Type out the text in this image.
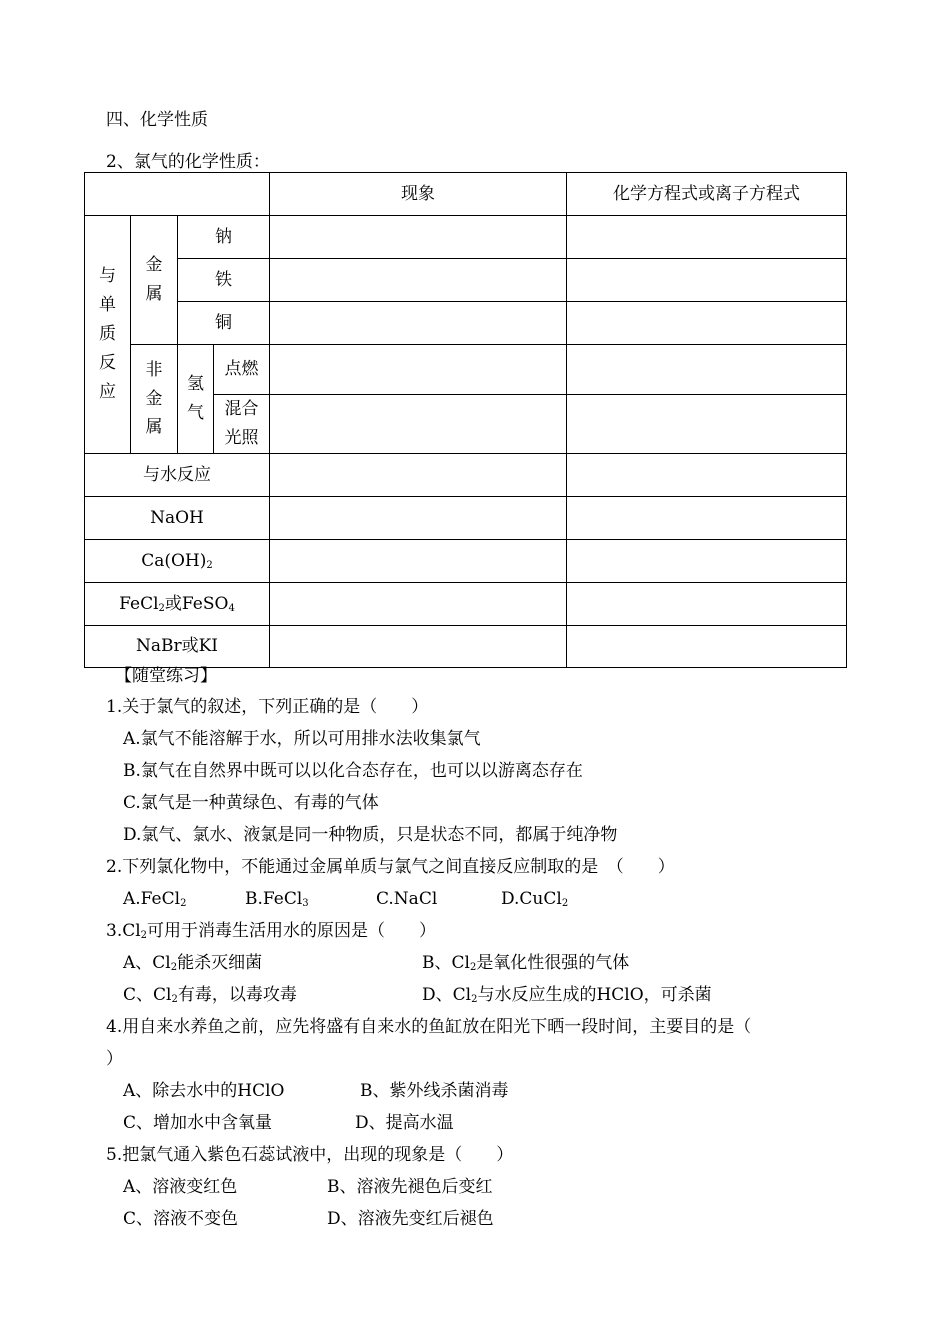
四、化学性质
2、氯气的化学性质：
				现象	化学方程式或离子方程式
与单质反应	金属	钠			
		铁			
		铜			
	非金属	氢气	点燃		
			混合光照		
与水反应					
NaOH					
$Ca(OH)_2$		
FeCl$_2$或FeSO$_4$		
NaBr或KI					
【随堂练习】
1.关于氯气的叙述，下列正确的是（　　）
A.氯气不能溶解于水，所以可用排水法收集氯气
B.氯气在自然界中既可以以化合态存在，也可以以游离态存在
C.氯气是一种黄绿色、有毒的气体
D.氯气、氯水、液氯是同一种物质，只是状态不同，都属于纯净物
2.下列氯化物中，不能通过金属单质与氯气之间直接反应制取的是　（　　）
A.FeCl$_2$	B.FeCl$_3$	C.NaCl	D.CuCl$_2$
$3.Cl_2$可用于消毒生活用水的原因是（　　）
A、$Cl_2$能杀灭细菌	B、$Cl_2$是氧化性很强的气体
C、$Cl_2$有毒，以毒攻毒	D、$Cl_2$与水反应生成的HClO，可杀菌
4.用自来水养鱼之前，应先将盛有自来水的鱼缸放在阳光下晒一段时间，主要目的是（
）
A、除去水中的HClO	B、紫外线杀菌消毒
C、增加水中含氧量	D、提高水温
5.把氯气通入紫色石蕊试液中，出现的现象是（　　）
A、溶液变红色	B、溶液先褪色后变红
C、溶液不变色	D、溶液先变红后褪色
